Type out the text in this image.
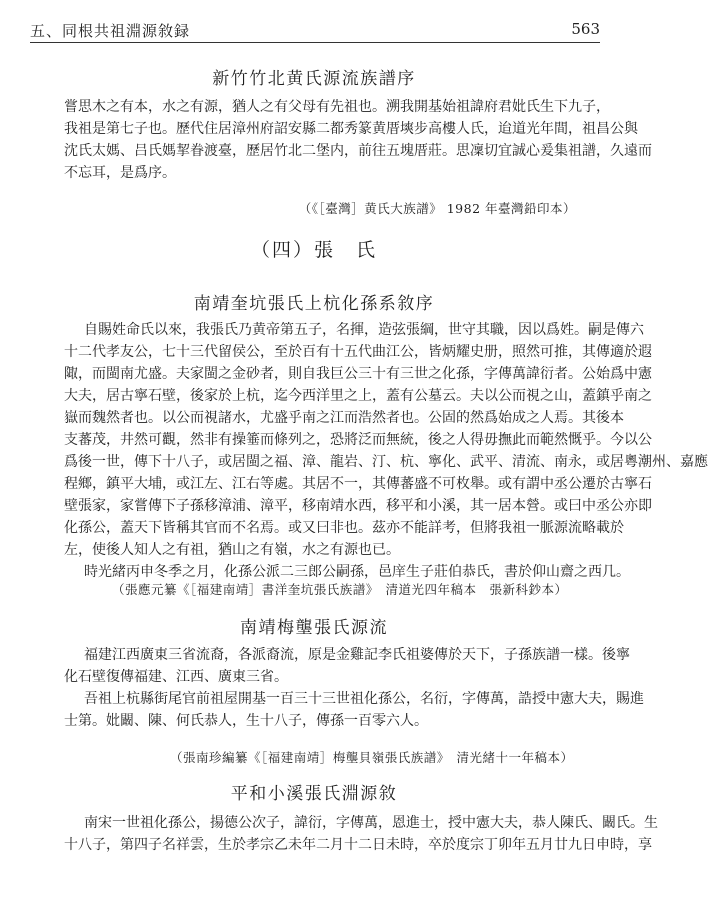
五、同根共祖淵源敘録	563
新竹竹北黄氏源流族譜序
嘗思木之有本，水之有源，猶人之有父母有先祖也。溯我開基始祖諱府君妣氏生下九子，
我祖是第七子也。歷代住居漳州府詔安縣二都秀篆黄厝塽步高樓人氏，迨道光年間，祖昌公與
沈氏太媽、吕氏媽挈眷渡臺，歷居竹北二堡内，前往五塊厝莊。思凜切宜誠心爰集祖譜，久遠而
不忘耳，是爲序。
（《［臺灣］黄氏大族譜》 1982 年臺灣鉛印本）
（四）張　氏
南靖奎坑張氏上杭化孫系敘序
自賜姓命氏以來，我張氏乃黄帝第五子，名揮，造弦張綱，世守其職，因以爲姓。嗣是傳六
十二代孝友公，七十三代留侯公，至於百有十五代曲江公，皆炳耀史册，照然可推，其傳適於遐
陬，而閩南尤盛。夫家閩之金砂者，則自我巨公三十有三世之化孫，字傳萬諱衍者。公始爲中憲
大夫，居古寧石壁，後家於上杭，迄今西洋里之上，蓋有公墓云。夫以公而視之山，蓋鎮乎南之
嶽而魏然者也。以公而視諸水，尤盛乎南之江而浩然者也。公固的然爲始成之人焉。其後本
支蕃茂，井然可觀，然非有操箠而條列之，恐將泛而無統，後之人得毋撫此而範然慨乎。今以公
爲後一世，傳下十八子，或居閩之福、漳、龍岩、汀、杭、寧化、武平、清流、南永，或居粵潮州、嘉應
程鄉，鎮平大埔，或江左、江右等處。其居不一，其傳蕃盛不可枚舉。或有謂中丞公遷於古寧石
壁張家，家嘗傳下子孫移漳浦、漳平，移南靖水西，移平和小溪，其一居本營。或曰中丞公亦即
化孫公，蓋天下皆稱其官而不名焉。或又曰非也。茲亦不能詳考，但將我祖一脈源流略載於
左，使後人知人之有祖，猶山之有嶺，水之有源也已。
時光緒丙申冬季之月，化孫公派二三郎公嗣孫，邑庠生子莊伯恭氏，書於仰山齋之西几。
（張應元纂《［福建南靖］書洋奎坑張氏族譜》　清道光四年稿本　張新科鈔本）
南靖梅壟張氏源流
福建江西廣東三省流裔，各派裔流，原是金雞記李氏祖婆傳於天下，子孫族譜一樣。後寧
化石壁復傳福建、江西、廣東三省。
吾祖上杭縣街尾官前祖屋開基一百三十三世祖化孫公，名衍，字傳萬，誥授中憲大夫，賜進
士第。妣闞、陳、何氏恭人，生十八子，傳孫一百零六人。
（張南珍編纂《［福建南靖］梅壟貝嶺張氏族譜》　清光緒十一年稿本）
平和小溪張氏淵源敘
南宋一世祖化孫公，揚德公次子，諱衍，字傳萬，恩進士，授中憲大夫，恭人陳氏、闞氏。生
十八子，第四子名祥雲，生於孝宗乙未年二月十二日未時，卒於度宗丁卯年五月廿九日申時，享
